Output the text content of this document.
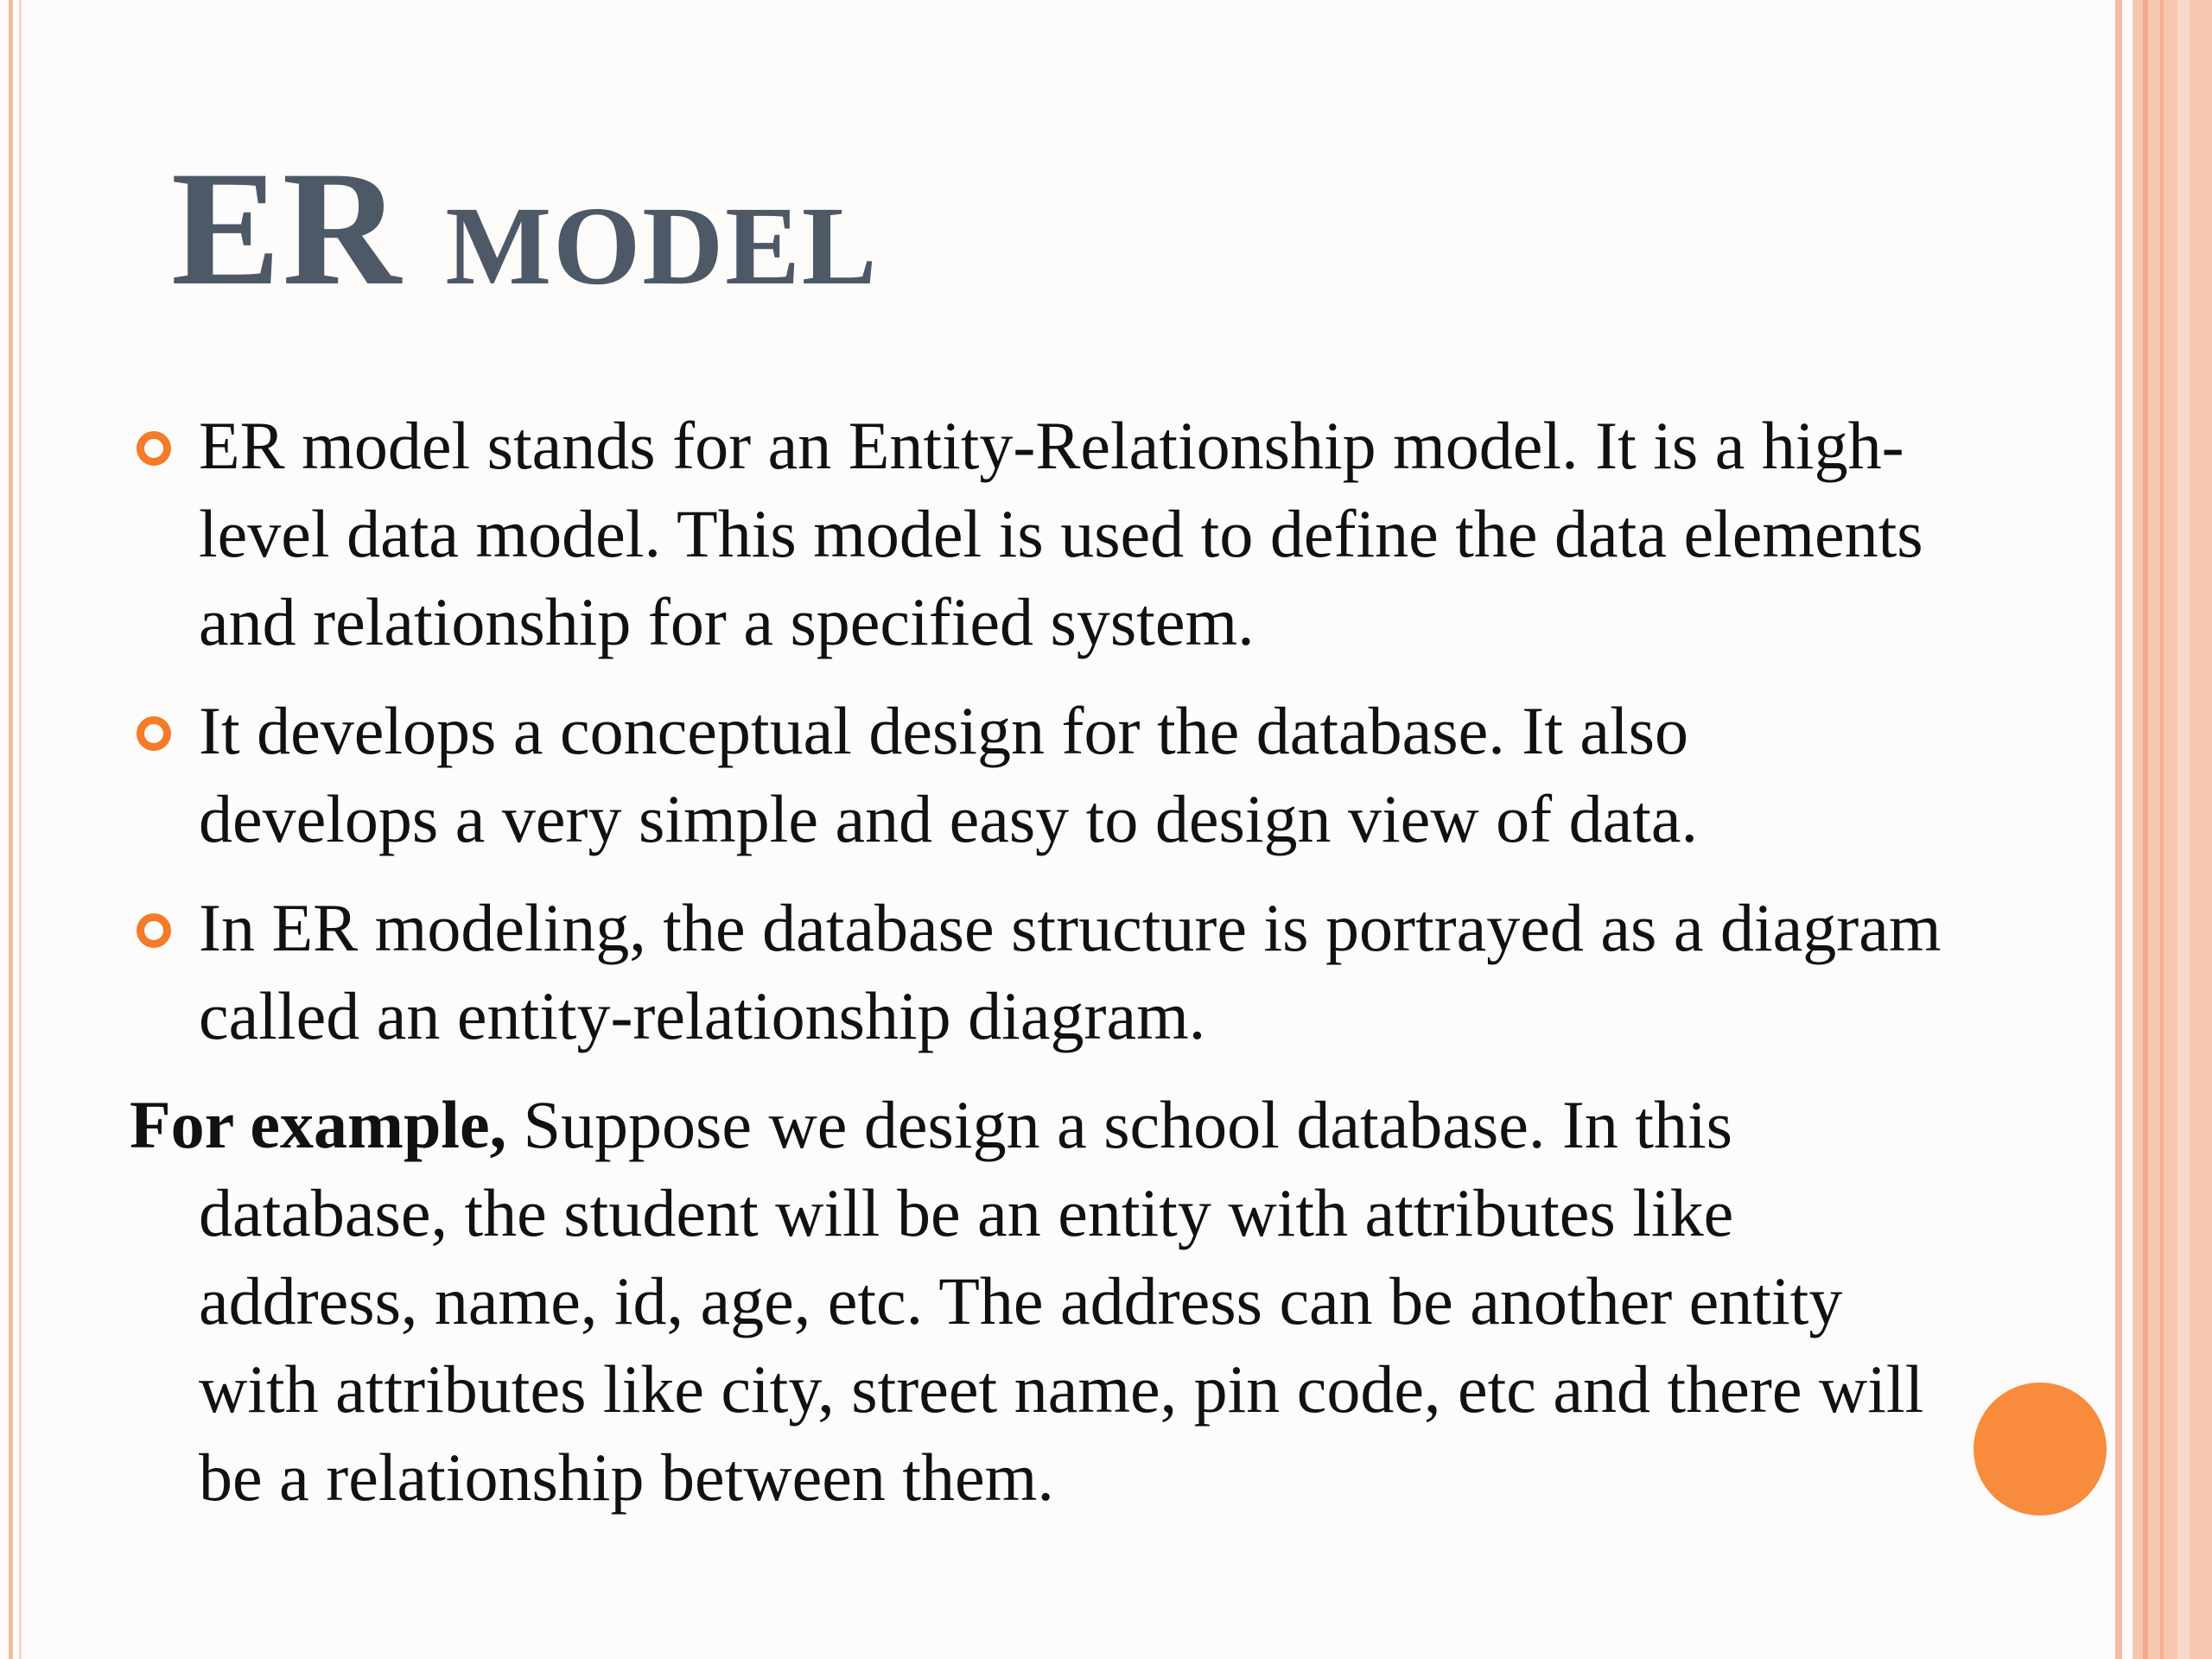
ER MODEL

ER model stands for an Entity-Relationship model. It is a high-level data model. This model is used to define the data elements and relationship for a specified system.

It develops a conceptual design for the database. It also develops a very simple and easy to design view of data.

In ER modeling, the database structure is portrayed as a diagram called an entity-relationship diagram.

For example, Suppose we design a school database. In this database, the student will be an entity with attributes like address, name, id, age, etc. The address can be another entity with attributes like city, street name, pin code, etc and there will be a relationship between them.
